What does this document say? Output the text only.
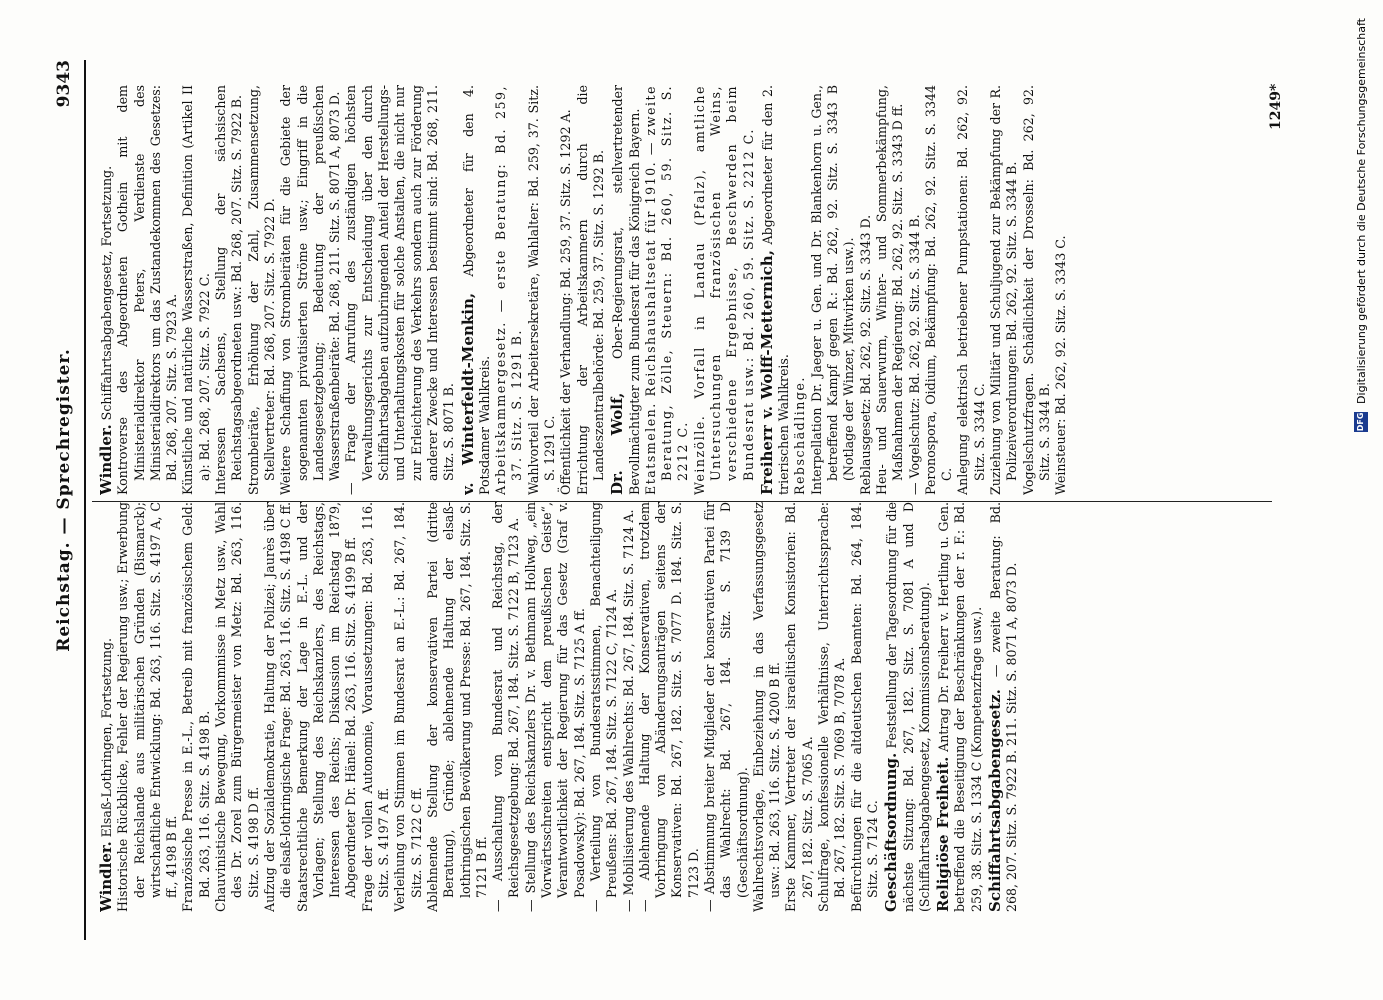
Reichstag. — Sprechregister.
9343

Windler. Elsaß-Lothringen, Fortsetzung. Historische Rückblicke, Fehler der Regierung usw.; Erwerbung der Reichslande aus militärischen Gründen (Bismarck); wirtschaftliche Entwicklung: Bd. 263, 116. Sitz. S. 4197 A, C ff., 4198 B ff. Französische Presse in E.-L., Betreib mit französischem Geld: Bd. 263, 116. Sitz. S. 4198 B. Chauvinistische Bewegung, Vorkommnisse in Metz usw., Wahl des Dr. Zorel zum Bürgermeister von Metz: Bd. 263, 116. Sitz. S. 4198 D ff. Aufzug der Sozialdemokratie, Haltung der Polizei; Jaurès über die elsaß-lothringische Frage: Bd. 263, 116. Sitz. S. 4198 C ff. Staatsrechtliche Bemerkung der Lage in E.-L. und der Vorlagen; Stellung des Reichskanzlers, des Reichstags, Interessen des Reichs; Diskussion im Reichstag 1879, Abgeordneter Dr. Hänel: Bd. 263, 116. Sitz. S. 4199 B ff. Frage der vollen Autonomie, Voraussetzungen: Bd. 263, 116. Sitz. S. 4197 A ff. Verleihung von Stimmen im Bundesrat an E.-L.: Bd. 267, 184. Sitz. S. 7122 C ff. Ablehnende Stellung der konservativen Partei (dritte Beratung), Gründe; ablehnende Haltung der elsaß-lothringischen Bevölkerung und Presse: Bd. 267, 184. Sitz. S. 7121 B ff. — Ausschaltung von Bundesrat und Reichstag, der Reichsgesetzgebung: Bd. 267, 184. Sitz. S. 7122 B, 7123 A. — Stellung des Reichskanzlers Dr. v. Bethmann Hollweg, „ein Vorwärtsschreiten entspricht dem preußischen Geiste“, Verantwortlichkeit der Regierung für das Gesetz (Graf v. Posadowsky): Bd. 267, 184. Sitz. S. 7125 A ff. — Verteilung von Bundesratsstimmen, Benachteiligung Preußens: Bd. 267, 184. Sitz. S. 7122 C, 7124 A. — Mobilisierung des Wahlrechts: Bd. 267, 184. Sitz. S. 7124 A. — Ablehnende Haltung der Konservativen, trotzdem Vorbringung von Abänderungsanträgen seitens der Konservativen: Bd. 267, 182. Sitz. S. 7077 D. 184. Sitz. S. 7123 D. — Abstimmung breiter Mitglieder der konservativen Partei für das Wahlrecht: Bd. 267, 184. Sitz. S. 7139 D (Geschäftsordnung). Wahlrechtsvorlage, Einbeziehung in das Verfassungsgesetz usw.: Bd. 263, 116. Sitz. S. 4200 B ff. Erste Kammer, Vertreter der israelitischen Konsistorien: Bd. 267, 182. Sitz. S. 7065 A. Schulfrage, konfessionelle Verhältnisse, Unterrichtssprache: Bd. 267, 182. Sitz. S. 7069 B, 7078 A. Befürchtungen für die altdeutschen Beamten: Bd. 264, 184. Sitz. S. 7124 C. Geschäftsordnung. Feststellung der Tagesordnung für die nächste Sitzung: Bd. 267, 182. Sitz. S. 7081 A und D (Schiffahrtsabgabengesetz, Kommissionsberatung). Religiöse Freiheit. Antrag Dr. Freiherr v. Hertling u. Gen. betreffend die Beseitigung der Beschränkungen der r. F.: Bd. 259, 38. Sitz. S. 1334 C (Kompetenzfrage usw.). Schiffahrtsabgabengesetz. — zweite Beratung: Bd. 268, 207. Sitz. S. 7922 B. 211. Sitz. S. 8071 A, 8073 D.

Windler. Schiffahrtsabgabengesetz, Fortsetzung. Kontroverse des Abgeordneten Gothein mit dem Ministerialdirektor Peters, Verdienste des Ministerialdirektors um das Zustandekommen des Gesetzes: Bd. 268, 207. Sitz. S. 7923 A. Künstliche und natürliche Wasserstraßen, Definition (Artikel II a): Bd. 268, 207. Sitz. S. 7922 C. Interessen Sachsens, Stellung der sächsischen Reichstagsabgeordneten usw.: Bd. 268, 207. Sitz. S. 7922 B. Strombeiräte, Erhöhung der Zahl, Zusammensetzung, Stellvertreter: Bd. 268, 207. Sitz. S. 7922 D. Weitere Schaffung von Strombeiräten für die Gebiete der sogenannten privatisierten Ströme usw.; Eingriff in die Landesgesetzgebung; Bedeutung der preußischen Wasserstraßenbeiräte: Bd. 268, 211. Sitz. S. 8071 A, 8073 D. — Frage der Anrufung des zuständigen höchsten Verwaltungsgerichts zur Entscheidung über den durch Schiffahrtsabgaben aufzubringenden Anteil der Herstellungs- und Unterhaltungskosten für solche Anstalten, die nicht nur zur Erleichterung des Verkehrs sondern auch zur Förderung anderer Zwecke und Interessen bestimmt sind: Bd. 268, 211. Sitz. S. 8071 B. v. Winterfeldt-Menkin, Abgeordneter für den 4. Potsdamer Wahlkreis. Arbeitskammergesetz. — erste Beratung: Bd. 259, 37. Sitz. S. 1291 B. Wahlvorteil der Arbeitersekretäre, Wahlalter: Bd. 259, 37. Sitz. S. 1291 C. Öffentlichkeit der Verhandlung: Bd. 259, 37. Sitz. S. 1292 A. Errichtung der Arbeitskammern durch die Landeszentralbehörde: Bd. 259, 37. Sitz. S. 1292 B. Dr. Wolf, Ober-Regierungsrat, stellvertretender Bevollmächtigter zum Bundesrat für das Königreich Bayern. Etatsmelen. Reichshaushaltsetat für 1910. — zweite Beratung, Zölle, Steuern: Bd. 260, 59. Sitz. S. 2212 C. Weinzölle. Vorfall in Landau (Pfalz), amtliche Untersuchungen französischen Weins, verschiedene Ergebnisse, Beschwerden beim Bundesrat usw.: Bd. 260, 59. Sitz. S. 2212 C. Freiherr v. Wolff-Metternich, Abgeordneter für den 2. trierischen Wahlkreis. Rebschädlinge. Interpellation Dr. Jaeger u. Gen. und Dr. Blankenhorn u. Gen., betreffend Kampf gegen R.: Bd. 262, 92. Sitz. S. 3343 B (Notlage der Winzer, Mitwirken usw.). Reblausgesetz: Bd. 262, 92. Sitz. S. 3343 D. Heu- und Sauerwurm, Winter- und Sommerbekämpfung, Maßnahmen der Regierung: Bd. 262, 92. Sitz. S. 3343 D ff. — Vogelschutz: Bd. 262, 92. Sitz. S. 3344 B. Peronospora, Oidium, Bekämpfung: Bd. 262, 92. Sitz. S. 3344 C. Anlegung elektrisch betriebener Pumpstationen: Bd. 262, 92. Sitz. S. 3344 C. Zuziehung von Militär und Schuljugend zur Bekämpfung der R. Polizeiverordnungen: Bd. 262, 92. Sitz. S. 3344 B. Vogelschutzfragen. Schädlichkeit der Drosseln: Bd. 262, 92. Sitz. S. 3344 B. Weinsteuer: Bd. 262, 92. Sitz. S. 3343 C.

1249*
DFG
Digitalisierung gefördert durch die Deutsche Forschungsgemeinschaft
